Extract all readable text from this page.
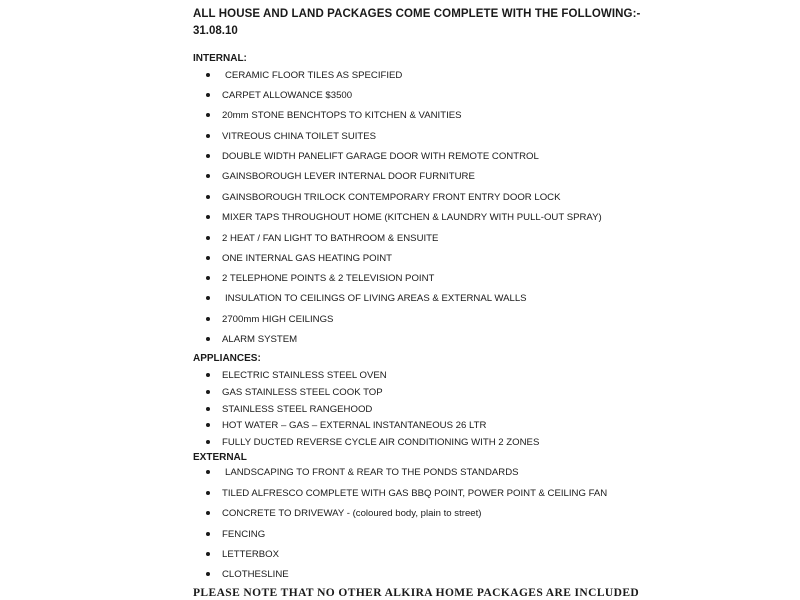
ALL HOUSE AND LAND PACKAGES COME COMPLETE WITH THE FOLLOWING:-
31.08.10
INTERNAL:
CERAMIC FLOOR TILES AS SPECIFIED
CARPET ALLOWANCE $3500
20mm STONE BENCHTOPS TO KITCHEN & VANITIES
VITREOUS CHINA TOILET SUITES
DOUBLE WIDTH PANELIFT GARAGE DOOR WITH REMOTE CONTROL
GAINSBOROUGH LEVER INTERNAL DOOR FURNITURE
GAINSBOROUGH TRILOCK CONTEMPORARY FRONT ENTRY DOOR LOCK
MIXER TAPS THROUGHOUT HOME (KITCHEN & LAUNDRY WITH PULL-OUT SPRAY)
2 HEAT / FAN LIGHT TO BATHROOM & ENSUITE
ONE INTERNAL GAS HEATING POINT
2 TELEPHONE POINTS & 2 TELEVISION POINT
INSULATION TO CEILINGS OF LIVING AREAS & EXTERNAL WALLS
2700mm HIGH CEILINGS
ALARM SYSTEM
APPLIANCES:
ELECTRIC STAINLESS STEEL OVEN
GAS STAINLESS STEEL COOK TOP
STAINLESS STEEL RANGEHOOD
HOT WATER – GAS – EXTERNAL INSTANTANEOUS 26 LTR
FULLY DUCTED REVERSE CYCLE AIR CONDITIONING WITH 2 ZONES
EXTERNAL
LANDSCAPING TO FRONT & REAR TO THE PONDS STANDARDS
TILED ALFRESCO COMPLETE WITH GAS BBQ POINT, POWER POINT & CEILING FAN
CONCRETE TO DRIVEWAY - (coloured body, plain to street)
FENCING
LETTERBOX
CLOTHESLINE
PLEASE NOTE THAT NO OTHER ALKIRA HOME PACKAGES ARE INCLUDED
